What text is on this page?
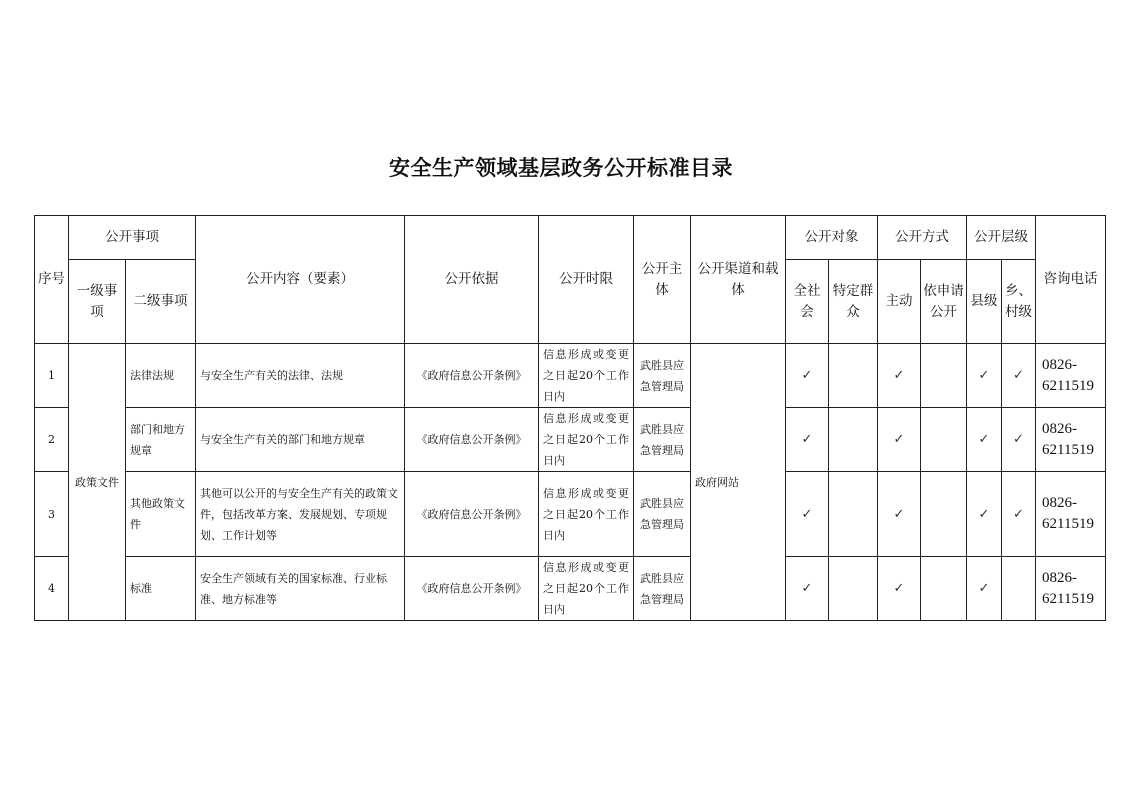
安全生产领域基层政务公开标准目录
序号	公开事项		公开内容（要素）	公开依据	公开时限	公开主体	公开渠道和载体	公开对象		公开方式		公开层级		咨询电话
	一级事项	二级事项						全社会	特定群众	主动	依申请公开	县级	乡、村级	
1	政策文件	法律法规	与安全生产有关的法律、法规	《政府信息公开条例》	信息形成或变更之日起20个工作日内	武胜县应急管理局	政府网站	✓		✓		✓	✓	0826-6211519
2		部门和地方规章	与安全生产有关的部门和地方规章	《政府信息公开条例》	信息形成或变更之日起20个工作日内	武胜县应急管理局		✓		✓		✓	✓	0826-6211519
3		其他政策文件	其他可以公开的与安全生产有关的政策文件，包括改革方案、发展规划、专项规划、工作计划等	《政府信息公开条例》	信息形成或变更之日起20个工作日内	武胜县应急管理局		✓		✓		✓	✓	0826-6211519
4		标准	安全生产领域有关的国家标准、行业标准、地方标准等	《政府信息公开条例》	信息形成或变更之日起20个工作日内	武胜县应急管理局		✓		✓		✓		0826-6211519
